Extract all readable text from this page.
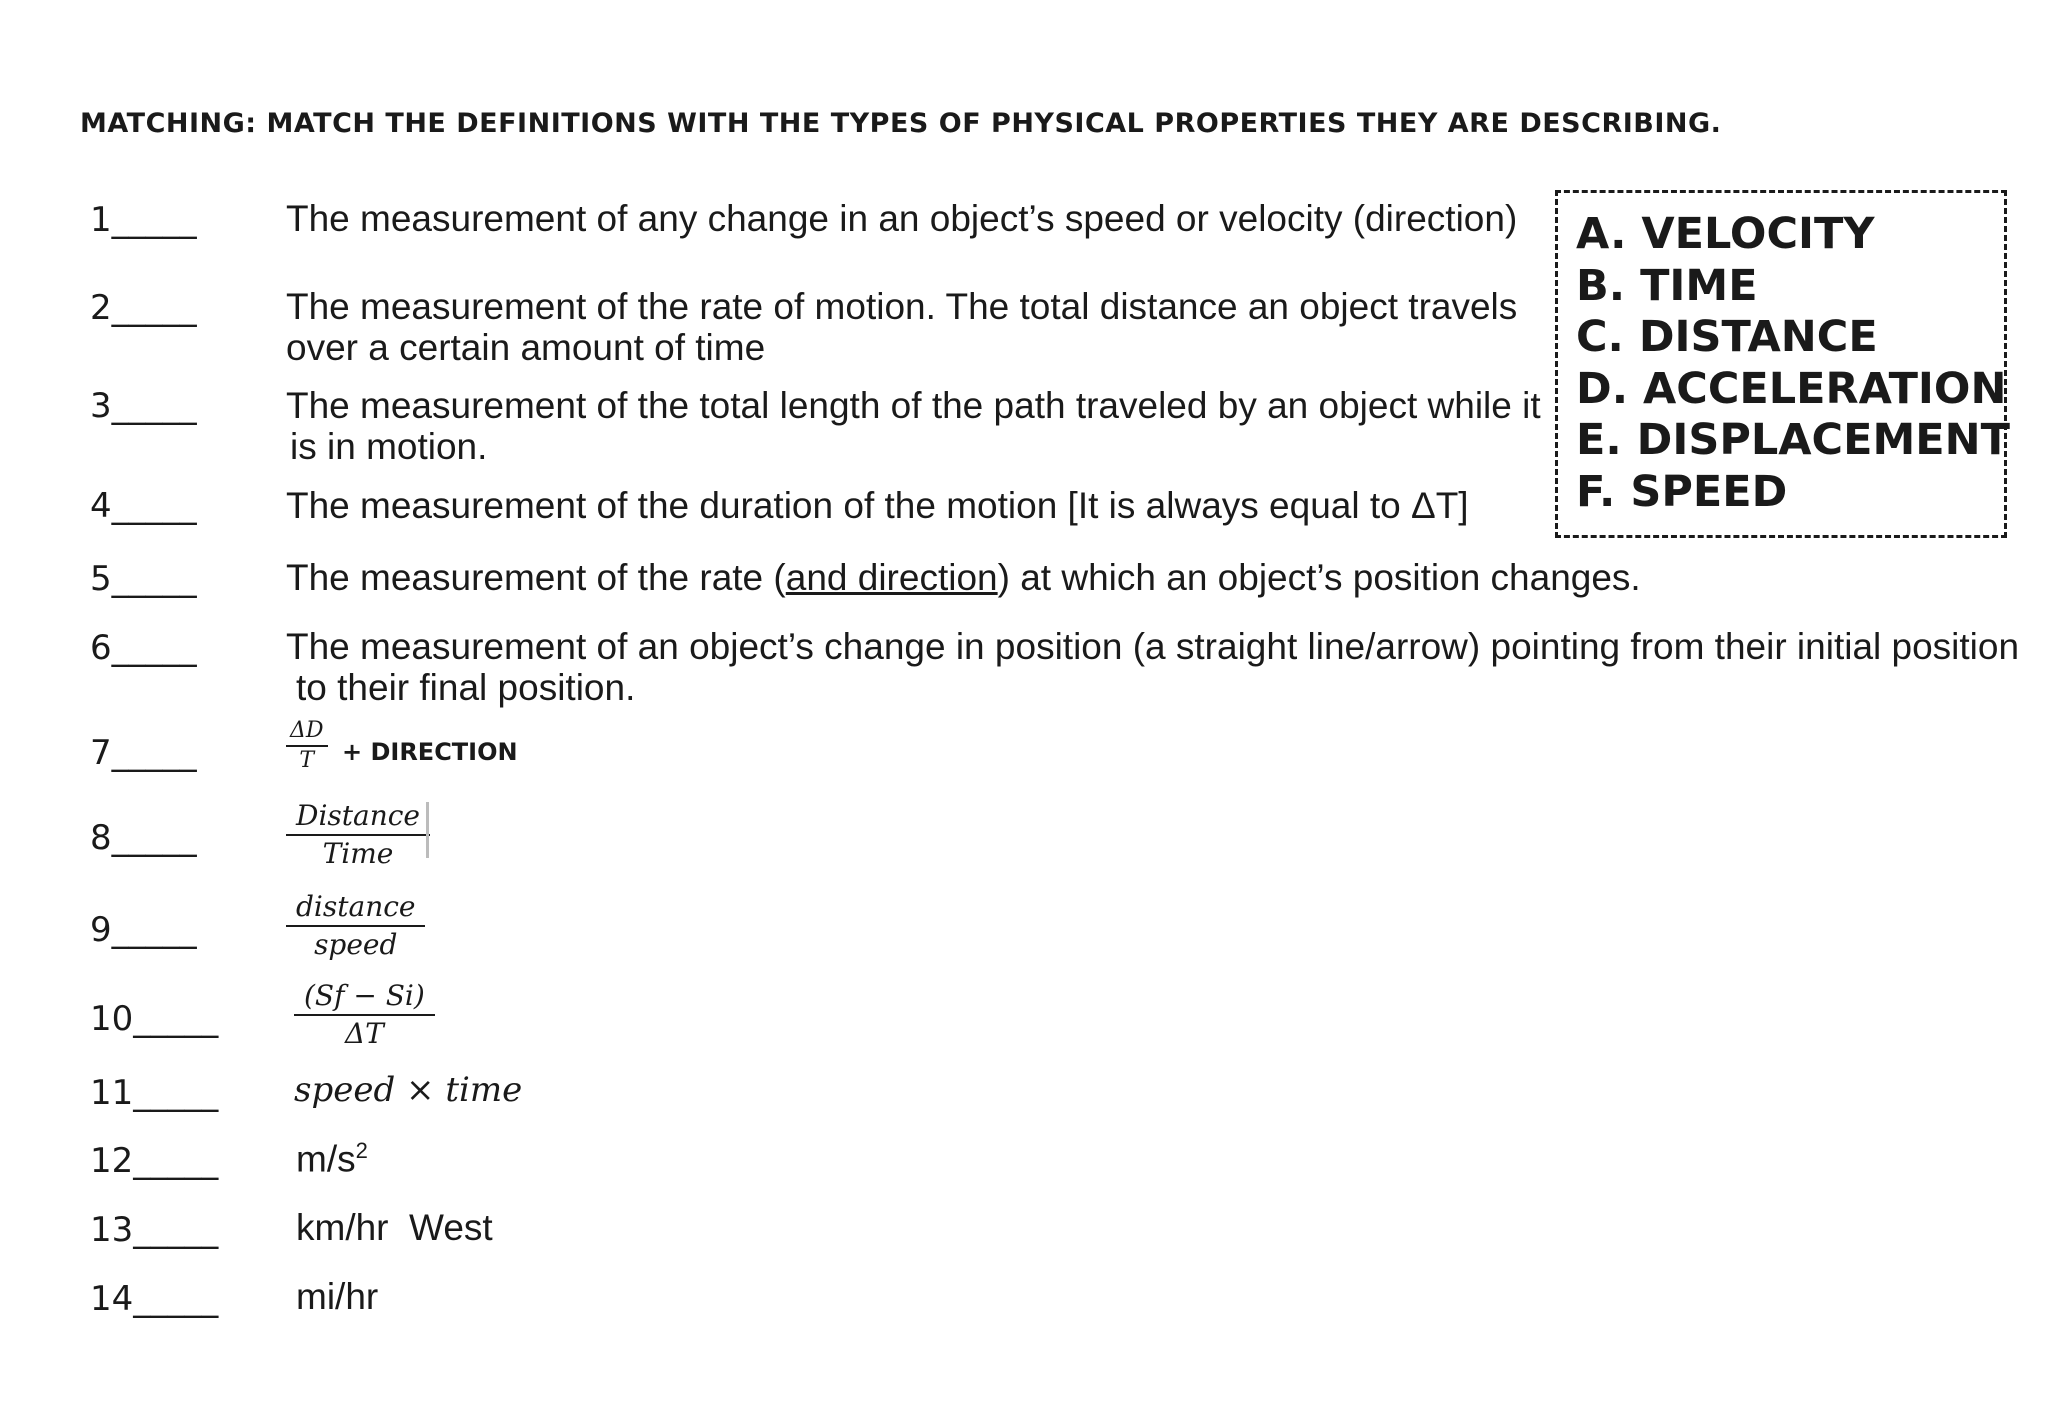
MATCHING: MATCH THE DEFINITIONS WITH THE TYPES OF PHYSICAL PROPERTIES THEY ARE DESCRIBING.
A. VELOCITY
B. TIME
C. DISTANCE
D. ACCELERATION
E. DISPLACEMENT
F. SPEED
1_____ The measurement of any change in an object’s speed or velocity (direction)
2_____ The measurement of the rate of motion. The total distance an object travels
over a certain amount of time
3_____ The measurement of the total length of the path traveled by an object while it
is in motion.
4_____ The measurement of the duration of the motion [It is always equal to ΔT]
5_____ The measurement of the rate (and direction) at which an object’s position changes.
6_____ The measurement of an object’s change in position (a straight line/arrow) pointing from their initial position
to their final position.
7_____
ΔD
T + DIRECTION
8_____
Distance
Time
9_____
distance
speed
10_____
(Sf − Si)
ΔT
11_____ speed × time
12_____ $m/s^2$
13_____ km/hr  West
14_____ mi/hr
